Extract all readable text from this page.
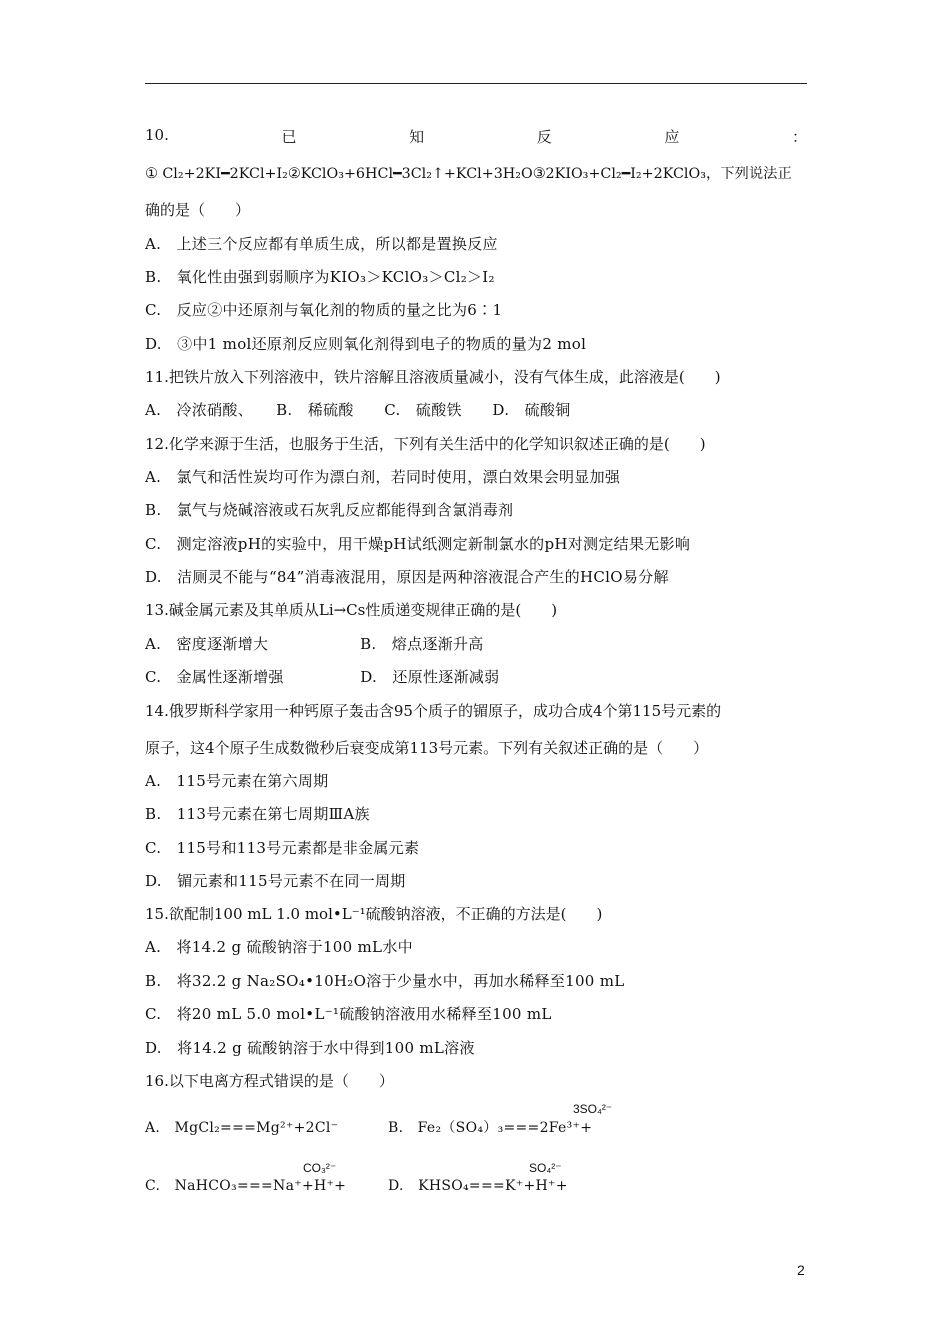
10.	已	知	反	应	：
① Cl₂+2KI━2KCl+I₂②KClO₃+6HCl━3Cl₂↑+KCl+3H₂O③2KIO₃+Cl₂━I₂+2KClO₃，下列说法正
确的是（　　）
A.　上述三个反应都有单质生成，所以都是置换反应
B.　氧化性由强到弱顺序为KIO₃＞KClO₃＞Cl₂＞I₂
C.　反应②中还原剂与氧化剂的物质的量之比为6∶1
D.　③中1 mol还原剂反应则氧化剂得到电子的物质的量为2 mol
11.把铁片放入下列溶液中，铁片溶解且溶液质量减小，没有气体生成，此溶液是(　　)
A.　冷浓硝酸、　　B.　稀硫酸　　C.　硫酸铁　　D.　硫酸铜
12.化学来源于生活，也服务于生活，下列有关生活中的化学知识叙述正确的是(　　)
A.　氯气和活性炭均可作为漂白剂，若同时使用，漂白效果会明显加强
B.　氯气与烧碱溶液或石灰乳反应都能得到含氯消毒剂
C.　测定溶液pH的实验中，用干燥pH试纸测定新制氯水的pH对测定结果无影响
D.　洁厕灵不能与“84”消毒液混用，原因是两种溶液混合产生的HClO易分解
13.碱金属元素及其单质从Li→Cs性质递变规律正确的是(　　)
A.　密度逐渐增大　　　　　　B.　熔点逐渐升高
C.　金属性逐渐增强　　　　　D.　还原性逐渐减弱
14.俄罗斯科学家用一种钙原子轰击含95个质子的镅原子，成功合成4个第115号元素的
原子，这4个原子生成数微秒后衰变成第113号元素。下列有关叙述正确的是（　　）
A.　115号元素在第六周期
B.　113号元素在第七周期ⅢA族
C.　115号和113号元素都是非金属元素
D.　镅元素和115号元素不在同一周期
15.欲配制100 mL 1.0 mol•L⁻¹硫酸钠溶液，不正确的方法是(　　)
A.　将14.2 g 硫酸钠溶于100 mL水中
B.　将32.2 g Na₂SO₄•10H₂O溶于少量水中，再加水稀释至100 mL
C.　将20 mL 5.0 mol•L⁻¹硫酸钠溶液用水稀释至100 mL
D.　将14.2 g 硫酸钠溶于水中得到100 mL溶液
16.以下电离方程式错误的是（　　）
A.　MgCl₂===Mg²⁺+2Cl⁻	B.　Fe₂（SO₄）₃===2Fe³⁺+
3SO₄²⁻
C.　NaHCO₃===Na⁺+H⁺+
CO₃²⁻
D.　KHSO₄===K⁺+H⁺+
SO₄²⁻
2
